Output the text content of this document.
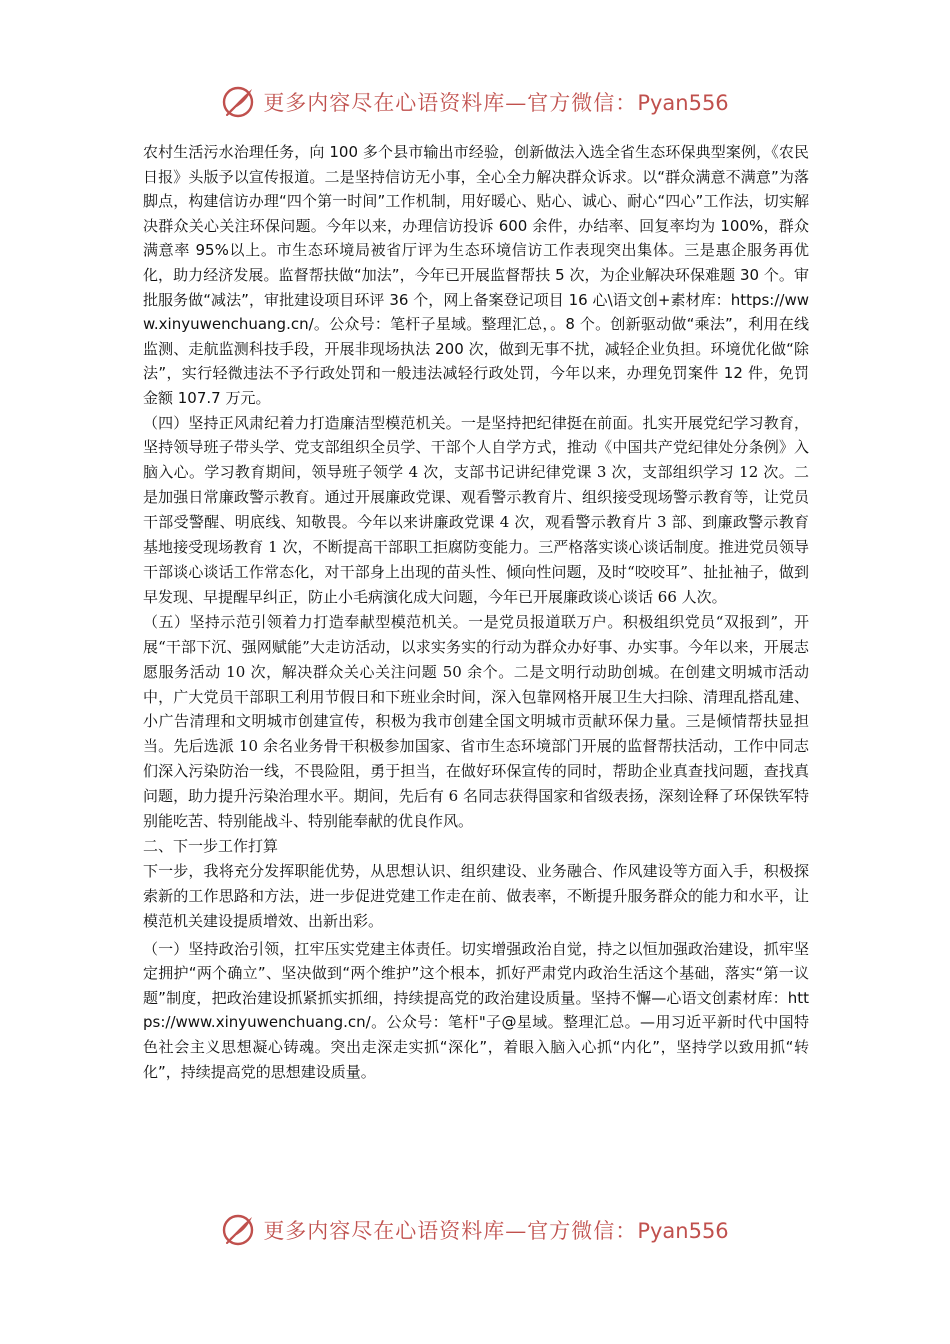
更多内容尽在心语资料库—官方微信：Pyan556

农村生活污水治理任务，向 100 多个县市输出市经验，创新做法入选全省生态环保典型案例，《农民日报》头版予以宣传报道。二是坚持信访无小事，全心全力解决群众诉求。以“群众满意不满意”为落脚点，构建信访办理“四个第一时间”工作机制，用好暖心、贴心、诚心、耐心“四心”工作法，切实解决群众关心关注环保问题。今年以来，办理信访投诉 600 余件，办结率、回复率均为 100%，群众满意率 95%以上。市生态环境局被省厅评为生态环境信访工作表现突出集体。三是惠企服务再优化，助力经济发展。监督帮扶做“加法”，今年已开展监督帮扶 5 次，为企业解决环保难题 30 个。审批服务做“减法”，审批建设项目环评 36 个，网上备案登记项目 16 心\语文创+素材库：https://www.xinyuwenchuang.cn/。公众号：笔杆子星域。整理汇总，。8 个。创新驱动做“乘法”，利用在线监测、走航监测科技手段，开展非现场执法 200 次，做到无事不扰，减轻企业负担。环境优化做“除法”，实行轻微违法不予行政处罚和一般违法减轻行政处罚，今年以来，办理免罚案件 12 件，免罚金额 107.7 万元。

（四）坚持正风肃纪着力打造廉洁型模范机关。一是坚持把纪律挺在前面。扎实开展党纪学习教育，坚持领导班子带头学、党支部组织全员学、干部个人自学方式，推动《中国共产党纪律处分条例》入脑入心。学习教育期间，领导班子领学 4 次，支部书记讲纪律党课 3 次，支部组织学习 12 次。二是加强日常廉政警示教育。通过开展廉政党课、观看警示教育片、组织接受现场警示教育等，让党员干部受警醒、明底线、知敬畏。今年以来讲廉政党课 4 次，观看警示教育片 3 部、到廉政警示教育基地接受现场教育 1 次，不断提高干部职工拒腐防变能力。三严格落实谈心谈话制度。推进党员领导干部谈心谈话工作常态化，对干部身上出现的苗头性、倾向性问题，及时“咬咬耳”、扯扯袖子，做到早发现、早提醒早纠正，防止小毛病演化成大问题，今年已开展廉政谈心谈话 66 人次。

（五）坚持示范引领着力打造奉献型模范机关。一是党员报道联万户。积极组织党员“双报到”，开展“干部下沉、强网赋能”大走访活动，以求实务实的行动为群众办好事、办实事。今年以来，开展志愿服务活动 10 次，解决群众关心关注问题 50 余个。二是文明行动助创城。在创建文明城市活动中，广大党员干部职工利用节假日和下班业余时间，深入包靠网格开展卫生大扫除、清理乱搭乱建、小广告清理和文明城市创建宣传，积极为我市创建全国文明城市贡献环保力量。三是倾情帮扶显担当。先后选派 10 余名业务骨干积极参加国家、省市生态环境部门开展的监督帮扶活动，工作中同志们深入污染防治一线，不畏险阻，勇于担当，在做好环保宣传的同时，帮助企业真查找问题，查找真问题，助力提升污染治理水平。期间，先后有 6 名同志获得国家和省级表扬，深刻诠释了环保铁军特别能吃苦、特别能战斗、特别能奉献的优良作风。

二、下一步工作打算

下一步，我将充分发挥职能优势，从思想认识、组织建设、业务融合、作风建设等方面入手，积极探索新的工作思路和方法，进一步促进党建工作走在前、做表率，不断提升服务群众的能力和水平，让模范机关建设提质增效、出新出彩。

（一）坚持政治引领，扛牢压实党建主体责任。切实增强政治自觉，持之以恒加强政治建设，抓牢坚定拥护“两个确立”、坚决做到“两个维护”这个根本，抓好严肃党内政治生活这个基础，落实“第一议题”制度，把政治建设抓紧抓实抓细，持续提高党的政治建设质量。坚持不懈—心语文创素材库：https://www.xinyuwenchuang.cn/。公众号：笔杆"子@星域。整理汇总。—用习近平新时代中国特色社会主义思想凝心铸魂。突出走深走实抓“深化”，着眼入脑入心抓“内化”，坚持学以致用抓“转化”，持续提高党的思想建设质量。

更多内容尽在心语资料库—官方微信：Pyan556
